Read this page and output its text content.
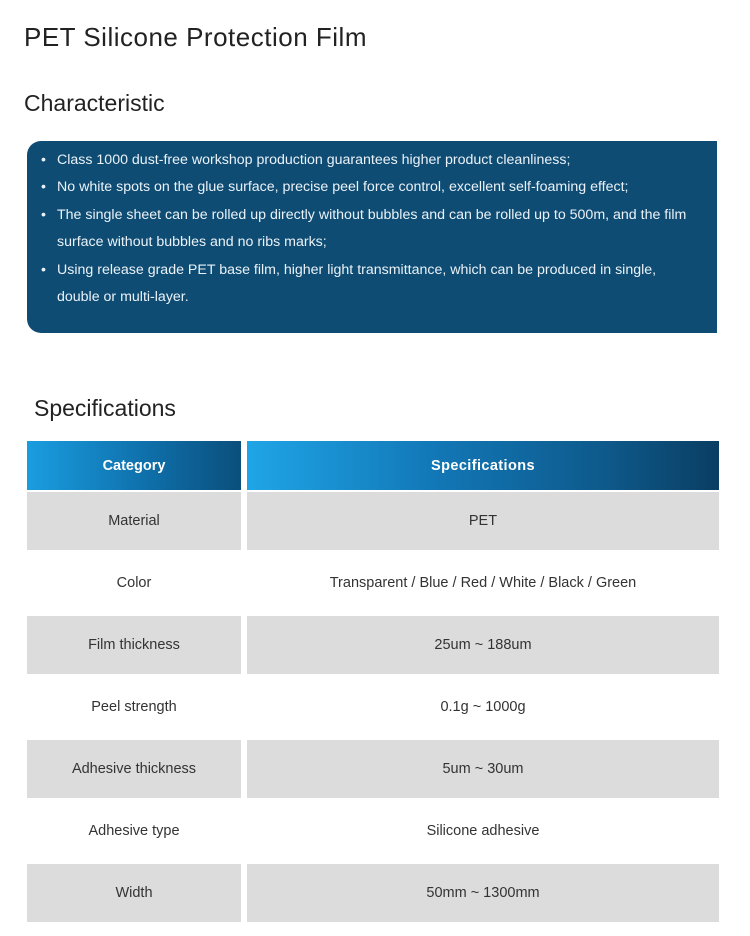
PET Silicone Protection Film
Characteristic
• Class 1000 dust-free workshop production guarantees higher product cleanliness;
• No white spots on the glue surface, precise peel force control, excellent self-foaming effect;
• The single sheet can be rolled up directly without bubbles and can be rolled up to 500m, and the film surface without bubbles and no ribs marks;
• Using release grade PET base film, higher light transmittance, which can be produced in single, double or multi-layer.
Specifications
Category	Specifications
Material	PET
Color	Transparent / Blue / Red / White / Black / Green
Film thickness	25um ~ 188um
Peel strength	0.1g ~ 1000g
Adhesive thickness	5um ~ 30um
Adhesive type	Silicone adhesive
Width	50mm ~ 1300mm
